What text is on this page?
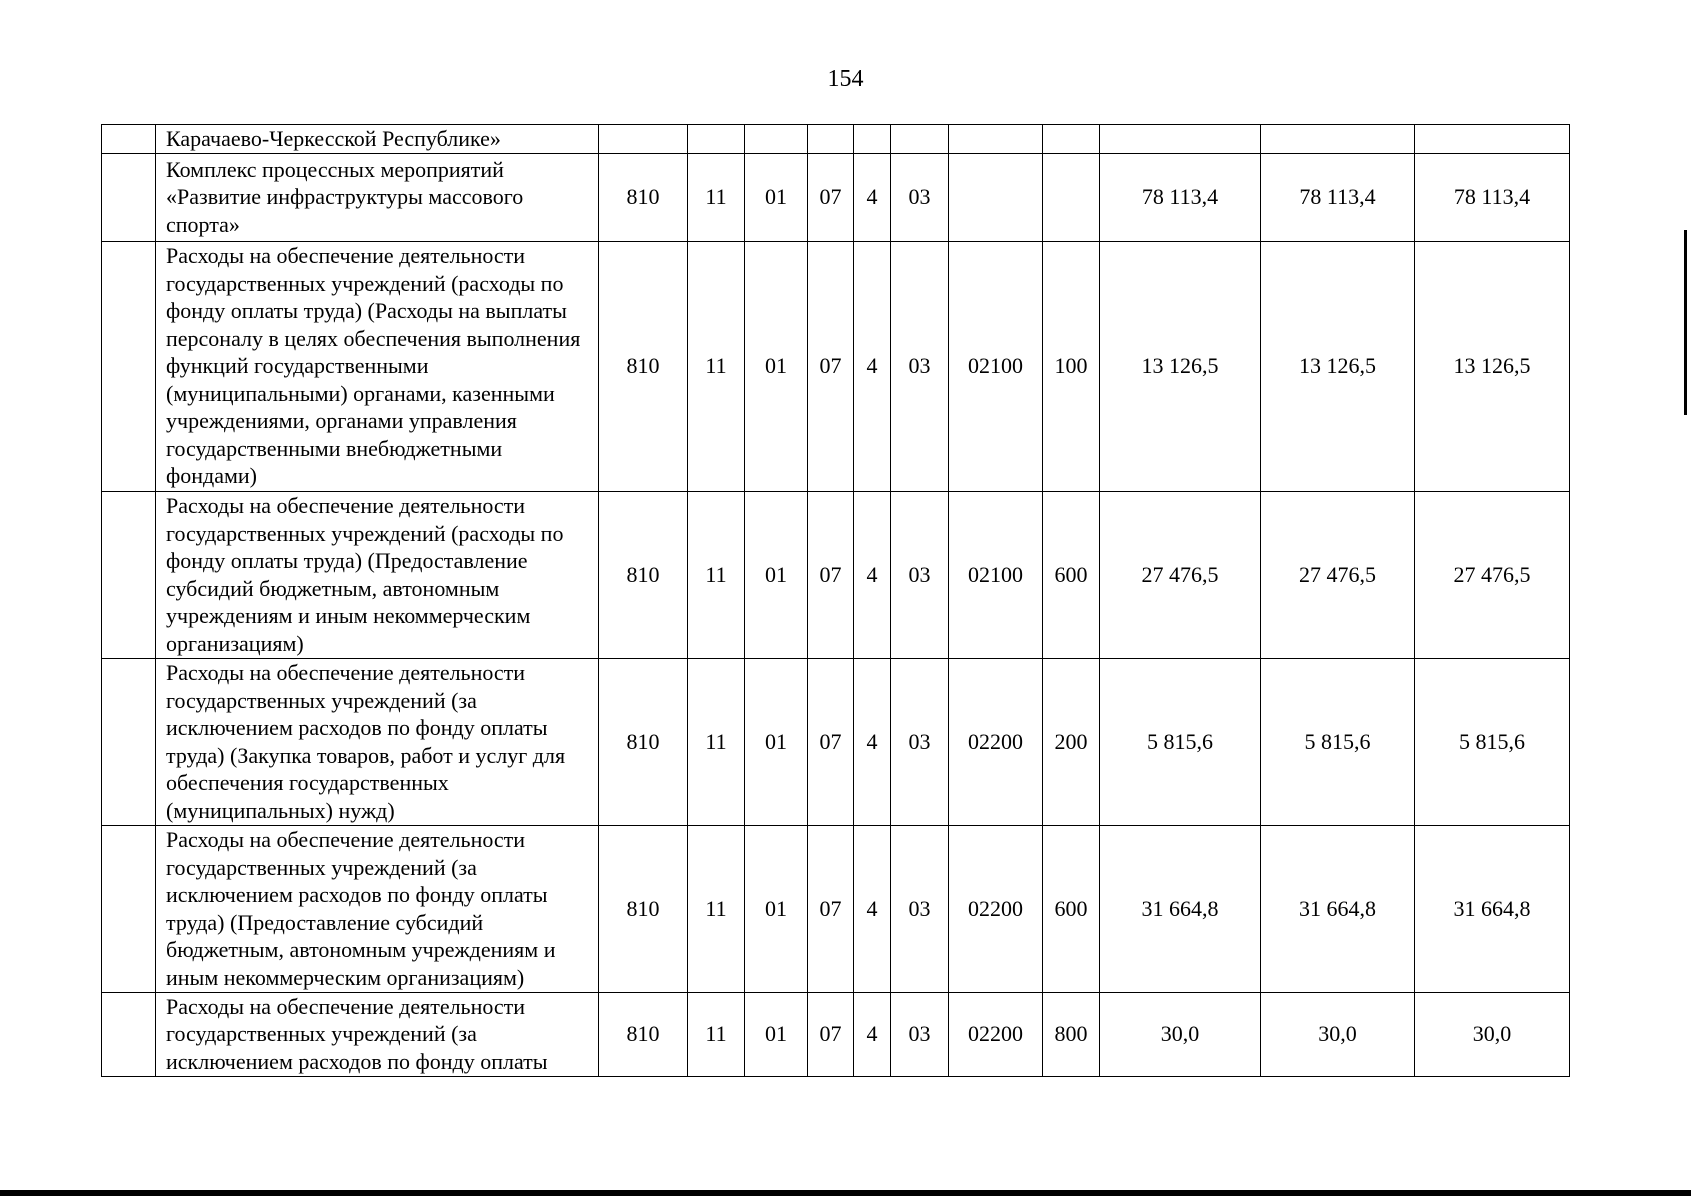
154
	Карачаево-Черкесской Республике»											
	Комплекс процессных мероприятий «Развитие инфраструктуры массового спорта»	810	11	01	07	4	03			78 113,4	78 113,4	78 113,4
	Расходы на обеспечение деятельности государственных учреждений (расходы по фонду оплаты труда) (Расходы на выплаты персоналу в целях обеспечения выполнения функций государственными (муниципальными) органами, казенными учреждениями, органами управления государственными внебюджетными фондами)	810	11	01	07	4	03	02100	100	13 126,5	13 126,5	13 126,5
	Расходы на обеспечение деятельности государственных учреждений (расходы по фонду оплаты труда) (Предоставление субсидий бюджетным, автономным учреждениям и иным некоммерческим организациям)	810	11	01	07	4	03	02100	600	27 476,5	27 476,5	27 476,5
	Расходы на обеспечение деятельности государственных учреждений (за исключением расходов по фонду оплаты труда) (Закупка товаров, работ и услуг для обеспечения государственных (муниципальных) нужд)	810	11	01	07	4	03	02200	200	5 815,6	5 815,6	5 815,6
	Расходы на обеспечение деятельности государственных учреждений (за исключением расходов по фонду оплаты труда) (Предоставление субсидий бюджетным, автономным учреждениям и иным некоммерческим организациям)	810	11	01	07	4	03	02200	600	31 664,8	31 664,8	31 664,8
	Расходы на обеспечение деятельности государственных учреждений (за исключением расходов по фонду оплаты	810	11	01	07	4	03	02200	800	30,0	30,0	30,0
